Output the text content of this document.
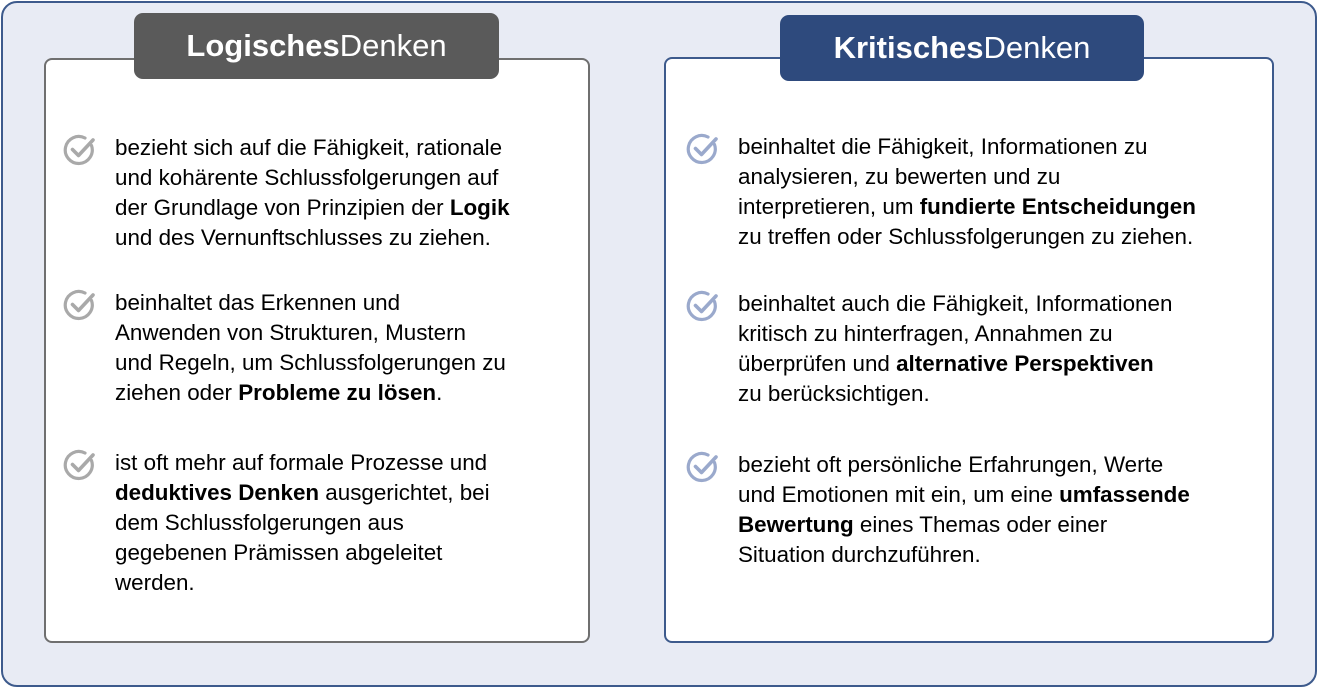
Logisches Denken	Kritisches Denken
bezieht sich auf die Fähigkeit, rationale
und kohärente Schlussfolgerungen auf
der Grundlage von Prinzipien der Logik
und des Vernunftschlusses zu ziehen.
beinhaltet das Erkennen und
Anwenden von Strukturen, Mustern
und Regeln, um Schlussfolgerungen zu
ziehen oder Probleme zu lösen.
ist oft mehr auf formale Prozesse und
deduktives Denken ausgerichtet, bei
dem Schlussfolgerungen aus
gegebenen Prämissen abgeleitet
werden.
beinhaltet die Fähigkeit, Informationen zu
analysieren, zu bewerten und zu
interpretieren, um fundierte Entscheidungen
zu treffen oder Schlussfolgerungen zu ziehen.
beinhaltet auch die Fähigkeit, Informationen
kritisch zu hinterfragen, Annahmen zu
überprüfen und alternative Perspektiven
zu berücksichtigen.
bezieht oft persönliche Erfahrungen, Werte
und Emotionen mit ein, um eine umfassende
Bewertung eines Themas oder einer
Situation durchzuführen.
